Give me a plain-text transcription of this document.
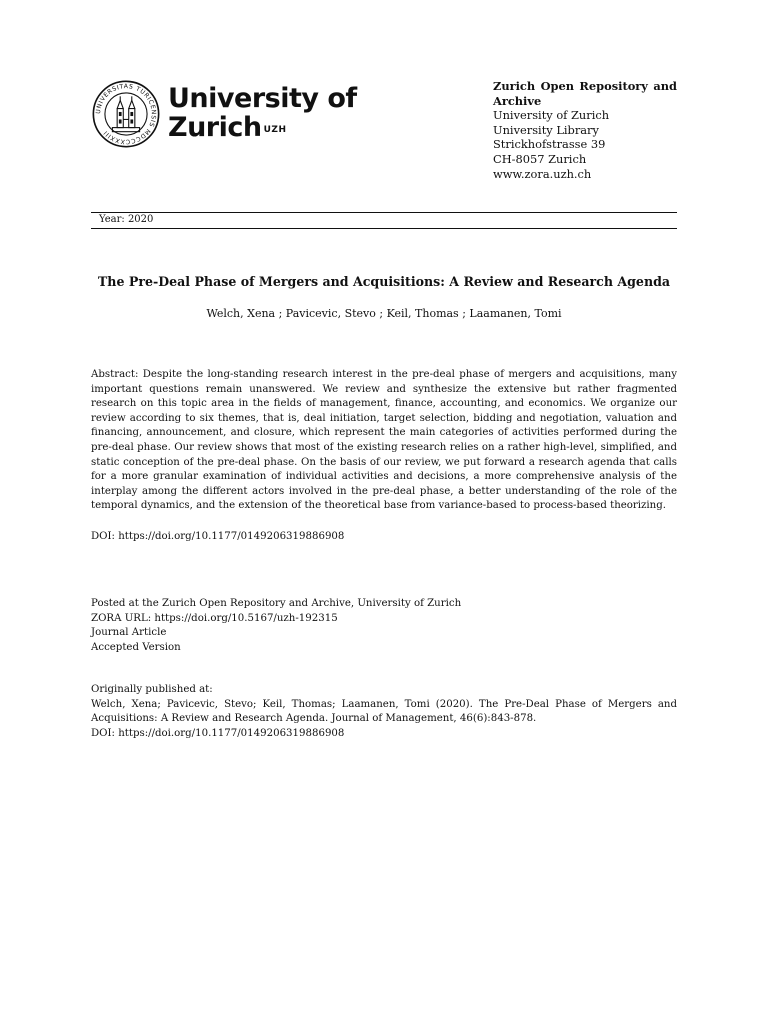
UNIVERSITAS TURICENSIS MDCCCXXXIII
University of
Zurich UZH
Zurich Open Repository and Archive
University of Zurich
University Library
Strickhofstrasse 39
CH-8057 Zurich
www.zora.uzh.ch
Year: 2020
The Pre-Deal Phase of Mergers and Acquisitions: A Review and Research Agenda
Welch, Xena ; Pavicevic, Stevo ; Keil, Thomas ; Laamanen, Tomi
Abstract: Despite the long-standing research interest in the pre-deal phase of mergers and acquisitions, many important questions remain unanswered. We review and synthesize the extensive but rather fragmented research on this topic area in the fields of management, finance, accounting, and economics. We organize our review according to six themes, that is, deal initiation, target selection, bidding and negotiation, valuation and financing, announcement, and closure, which represent the main categories of activities performed during the pre-deal phase. Our review shows that most of the existing research relies on a rather high-level, simplified, and static conception of the pre-deal phase. On the basis of our review, we put forward a research agenda that calls for a more granular examination of individual activities and decisions, a more comprehensive analysis of the interplay among the different actors involved in the pre-deal phase, a better understanding of the role of the temporal dynamics, and the extension of the theoretical base from variance-based to process-based theorizing.
DOI: https://doi.org/10.1177/0149206319886908
Posted at the Zurich Open Repository and Archive, University of Zurich
ZORA URL: https://doi.org/10.5167/uzh-192315
Journal Article
Accepted Version
Originally published at:
Welch, Xena; Pavicevic, Stevo; Keil, Thomas; Laamanen, Tomi (2020). The Pre-Deal Phase of Mergers and Acquisitions: A Review and Research Agenda. Journal of Management, 46(6):843-878.
DOI: https://doi.org/10.1177/0149206319886908
